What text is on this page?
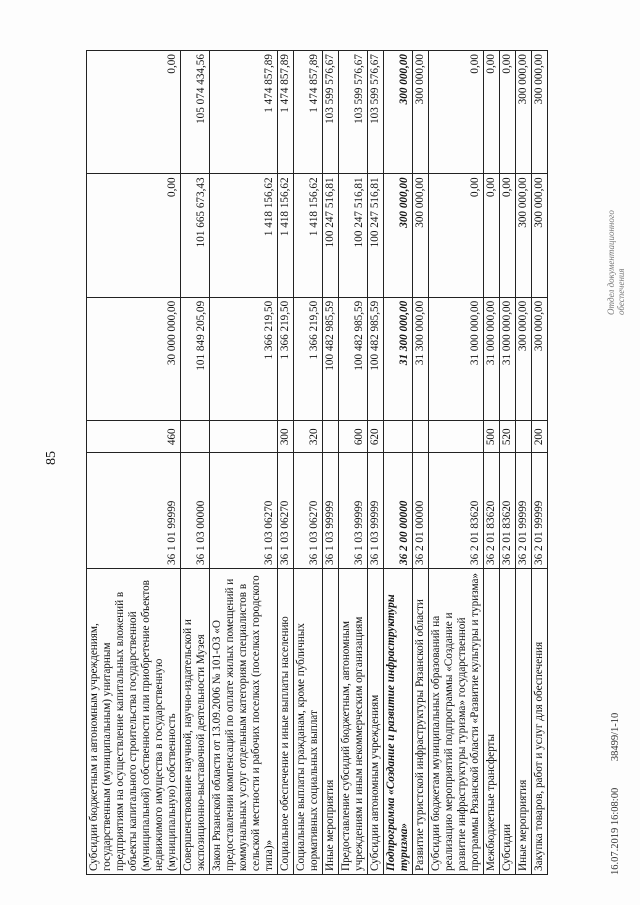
85
Субсидии бюджетным и автономным учреждениям, государственным (муниципальным) унитарным предприятиям на осуществление капитальных вложений в объекты капитального строительства государственной (муниципальной) собственности или приобретение объектов недвижимого имущества в государственную (муниципальную) собственность	36 1 01 99999	460	30 000 000,00	0,00	0,00
Совершенствование научной, научно-издательской и экспозиционно-выставочной деятельности Музея	36 1 03 00000		101 849 205,09	101 665 673,43	105 074 434,56
Закон Рязанской области от 13.09.2006 № 101-ОЗ «О предоставлении компенсаций по оплате жилых помещений и коммунальных услуг отдельным категориям специалистов в сельской местности и рабочих поселках (поселках городского типа)»	36 1 03 06270		1 366 219,50	1 418 156,62	1 474 857,89
Социальное обеспечение и иные выплаты населению	36 1 03 06270	300	1 366 219,50	1 418 156,62	1 474 857,89
Социальные выплаты гражданам, кроме публичных нормативных социальных выплат	36 1 03 06270	320	1 366 219,50	1 418 156,62	1 474 857,89
Иные мероприятия	36 1 03 99999		100 482 985,59	100 247 516,81	103 599 576,67
Предоставление субсидий бюджетным, автономным учреждениям и иным некоммерческим организациям	36 1 03 99999	600	100 482 985,59	100 247 516,81	103 599 576,67
Субсидии автономным учреждениям	36 1 03 99999	620	100 482 985,59	100 247 516,81	103 599 576,67
Подпрограмма «Создание и развитие инфраструктуры туризма»	36 2 00 00000		31 300 000,00	300 000,00	300 000,00
Развитие туристской инфраструктуры Рязанской области	36 2 01 00000		31 300 000,00	300 000,00	300 000,00
Субсидии бюджетам муниципальных образований на реализацию мероприятий подпрограммы «Создание и развитие инфраструктуры туризма» государственной программы Рязанской области «Развитие культуры и туризма»	36 2 01 83620		31 000 000,00	0,00	0,00
Межбюджетные трансферты	36 2 01 83620	500	31 000 000,00	0,00	0,00
Субсидии	36 2 01 83620	520	31 000 000,00	0,00	0,00
Иные мероприятия	36 2 01 99999		300 000,00	300 000,00	300 000,00
Закупка товаров, работ и услуг для обеспечения	36 2 01 99999	200	300 000,00	300 000,00	300 000,00
16.07.2019 16:08:00 38499/1-10
Отдел документационного обеспечения
